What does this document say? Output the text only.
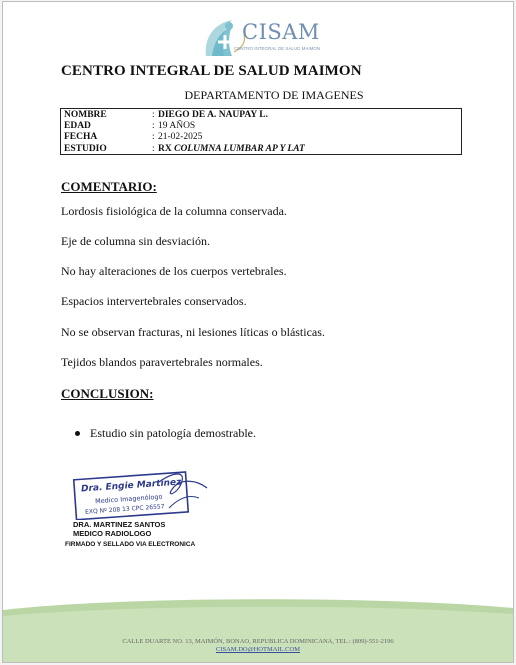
CISAM
CENTRO INTEGRAL DE SALUD MAIMON
CENTRO INTEGRAL DE SALUD MAIMON
DEPARTAMENTO DE IMAGENES
NOMBRE	: DIEGO DE A. NAUPAY L.
EDAD	: 19 AÑOS
FECHA	: 21-02-2025
ESTUDIO	: RX COLUMNA LUMBAR AP Y LAT
COMENTARIO:
Lordosis fisiológica de la columna conservada.
Eje de columna sin desviación.
No hay alteraciones de los cuerpos vertebrales.
Espacios intervertebrales conservados.
No se observan fracturas, ni lesiones líticas o blásticas.
Tejidos blandos paravertebrales normales.
CONCLUSION:
Estudio sin patología demostrable.
Dra. Engie Martinez
Medico Imagenólogo
EXQ Nº 208 13 CPC 26557
DRA. MARTINEZ SANTOS
MEDICO RADIOLOGO
FIRMADO Y SELLADO VIA ELECTRONICA
CALLE DUARTE NO. 13, MAIMÓN, BONAO, REPUBLICA DOMINICANA, TEL.: (809)-551-2196
CISAM.DO@HOTMAIL.COM
